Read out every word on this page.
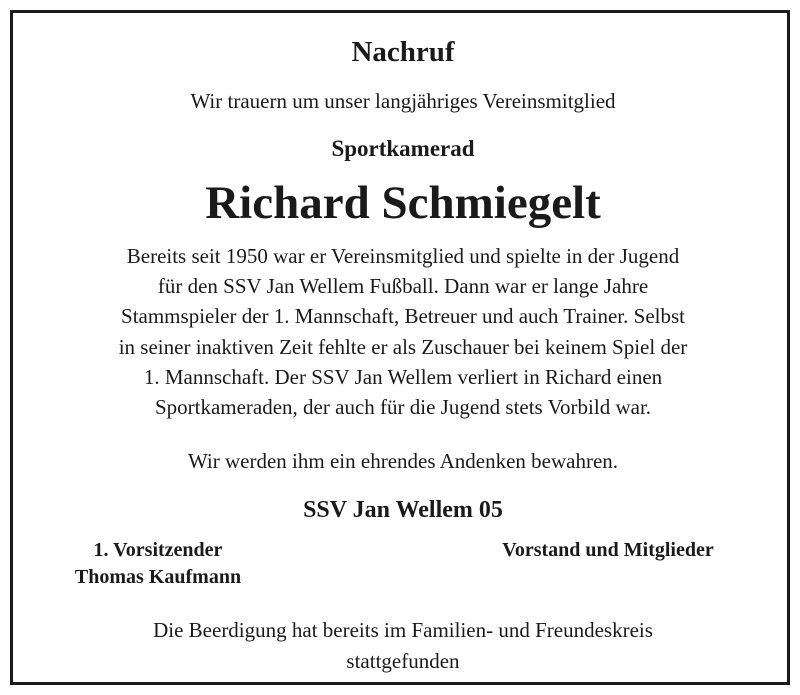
Nachruf
Wir trauern um unser langjähriges Vereinsmitglied
Sportkamerad
Richard Schmiegelt
Bereits seit 1950 war er Vereinsmitglied und spielte in der Jugend
für den SSV Jan Wellem Fußball. Dann war er lange Jahre
Stammspieler der 1. Mannschaft, Betreuer und auch Trainer. Selbst
in seiner inaktiven Zeit fehlte er als Zuschauer bei keinem Spiel der
1. Mannschaft. Der SSV Jan Wellem verliert in Richard einen
Sportkameraden, der auch für die Jugend stets Vorbild war.
Wir werden ihm ein ehrendes Andenken bewahren.
SSV Jan Wellem 05
1. Vorsitzender
Thomas Kaufmann
Vorstand und Mitglieder
Die Beerdigung hat bereits im Familien- und Freundeskreis
stattgefunden
